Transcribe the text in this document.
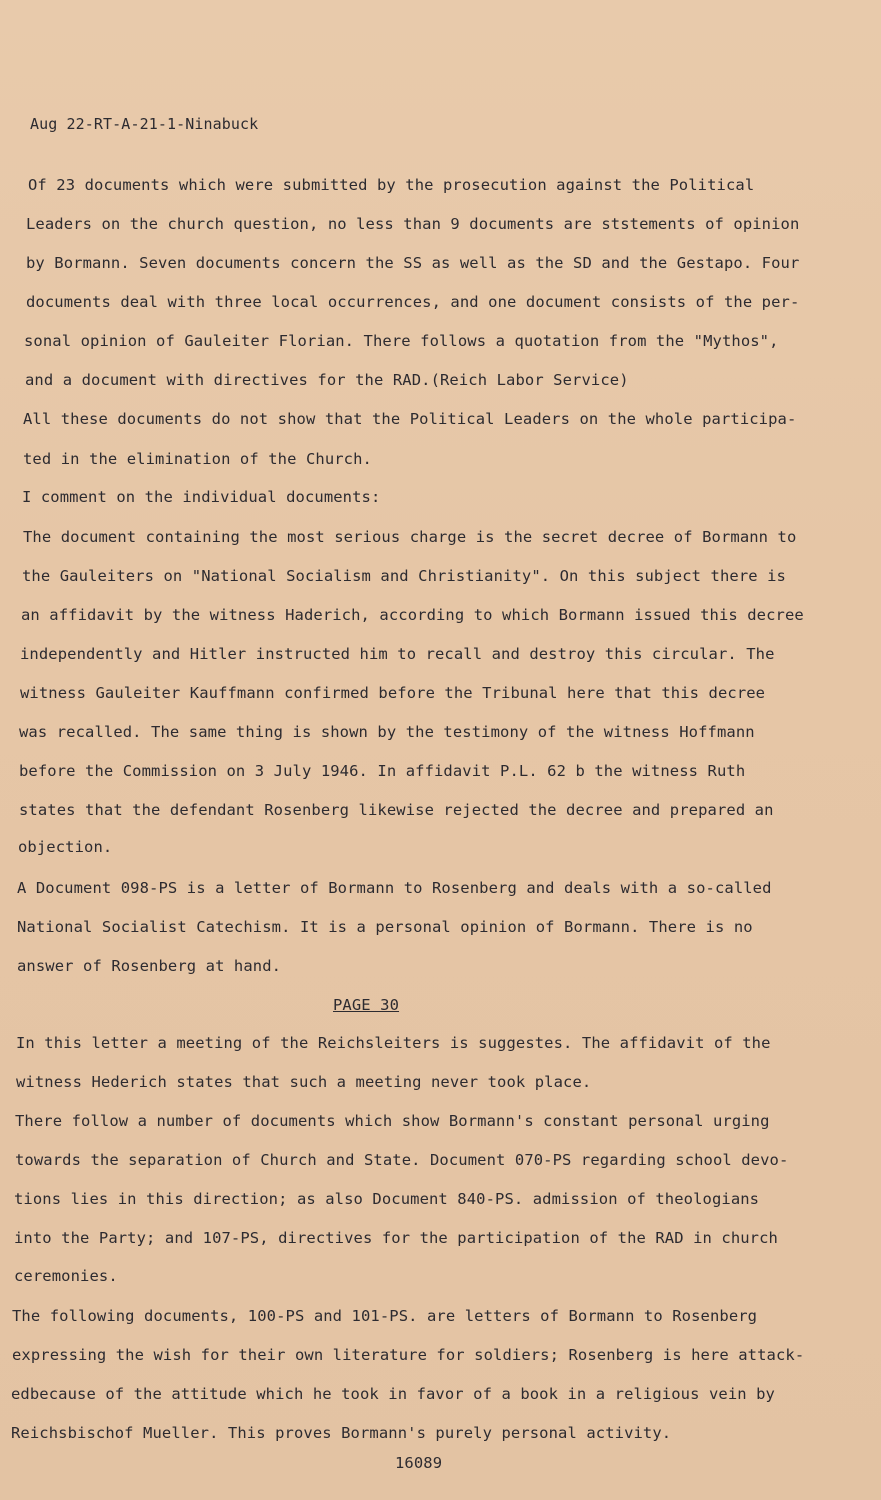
Aug 22-RT-A-21-1-Ninabuck
Of 23 documents which were submitted by the prosecution against the Political
Leaders on the church question, no less than 9 documents are ststements of opinion
by Bormann. Seven documents concern the SS as well as the SD and the Gestapo. Four
documents deal with three local occurrences, and one document consists of the per-
sonal opinion of Gauleiter Florian. There follows a quotation from the "Mythos",
and a document with directives for the RAD.(Reich Labor Service)
All these documents do not show that the Political Leaders on the whole participa-
ted in the elimination of the Church.
I comment on the individual documents:
The document containing the most serious charge is the secret decree of Bormann to
the Gauleiters on "National Socialism and Christianity". On this subject there is
an affidavit by the witness Haderich, according to which Bormann issued this decree
independently and Hitler instructed him to recall and destroy this circular. The
witness Gauleiter Kauffmann confirmed before the Tribunal here that this decree
was recalled. The same thing is shown by the testimony of the witness Hoffmann
before the Commission on 3 July 1946. In affidavit P.L. 62 b the witness Ruth
states that the defendant Rosenberg likewise rejected the decree and prepared an
objection.
A Document 098-PS is a letter of Bormann to Rosenberg and deals with a so-called
National Socialist Catechism. It is a personal opinion of Bormann. There is no
answer of Rosenberg at hand.
PAGE 30
In this letter a meeting of the Reichsleiters is suggestes. The affidavit of the
witness Hederich states that such a meeting never took place.
There follow a number of documents which show Bormann's constant personal urging
towards the separation of Church and State. Document 070-PS regarding school devo-
tions lies in this direction; as also Document 840-PS. admission of theologians
into the Party; and 107-PS, directives for the participation of the RAD in church
ceremonies.
The following documents, 100-PS and 101-PS. are letters of Bormann to Rosenberg
expressing the wish for their own literature for soldiers; Rosenberg is here attack-
edbecause of the attitude which he took in favor of a book in a religious vein by
Reichsbischof Mueller. This proves Bormann's purely personal activity.
16089
